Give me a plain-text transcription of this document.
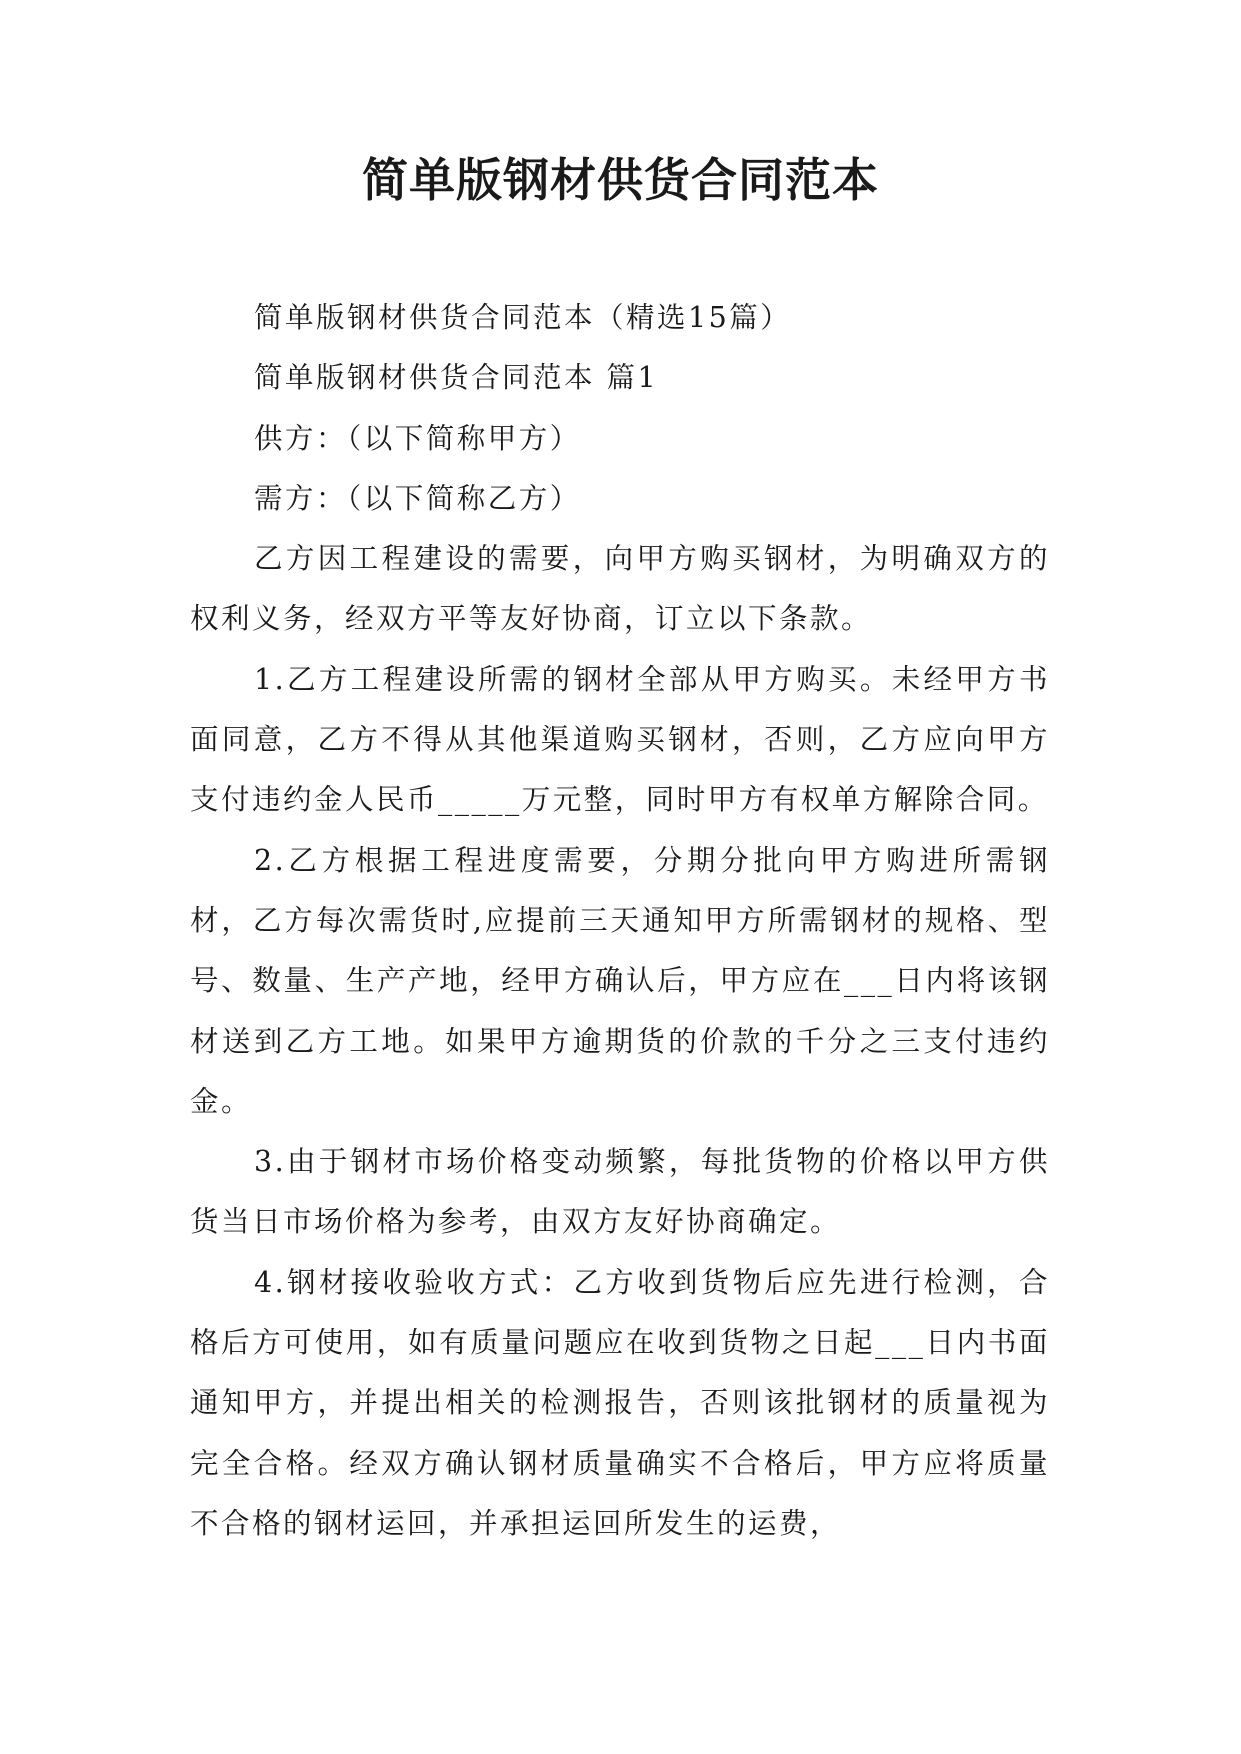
简单版钢材供货合同范本

简单版钢材供货合同范本（精选15篇）

简单版钢材供货合同范本 篇1

供方：（以下简称甲方）

需方：（以下简称乙方）

乙方因工程建设的需要，向甲方购买钢材，为明确双方的权利义务，经双方平等友好协商，订立以下条款。

1.乙方工程建设所需的钢材全部从甲方购买。未经甲方书面同意，乙方不得从其他渠道购买钢材，否则，乙方应向甲方支付违约金人民币_____万元整，同时甲方有权单方解除合同。

2.乙方根据工程进度需要，分期分批向甲方购进所需钢材，乙方每次需货时,应提前三天通知甲方所需钢材的规格、型号、数量、生产产地，经甲方确认后，甲方应在___日内将该钢材送到乙方工地。如果甲方逾期货的价款的千分之三支付违约金。

3.由于钢材市场价格变动频繁，每批货物的价格以甲方供货当日市场价格为参考，由双方友好协商确定。

4.钢材接收验收方式：乙方收到货物后应先进行检测，合格后方可使用，如有质量问题应在收到货物之日起___日内书面通知甲方，并提出相关的检测报告，否则该批钢材的质量视为完全合格。经双方确认钢材质量确实不合格后，甲方应将质量不合格的钢材运回，并承担运回所发生的运费，
